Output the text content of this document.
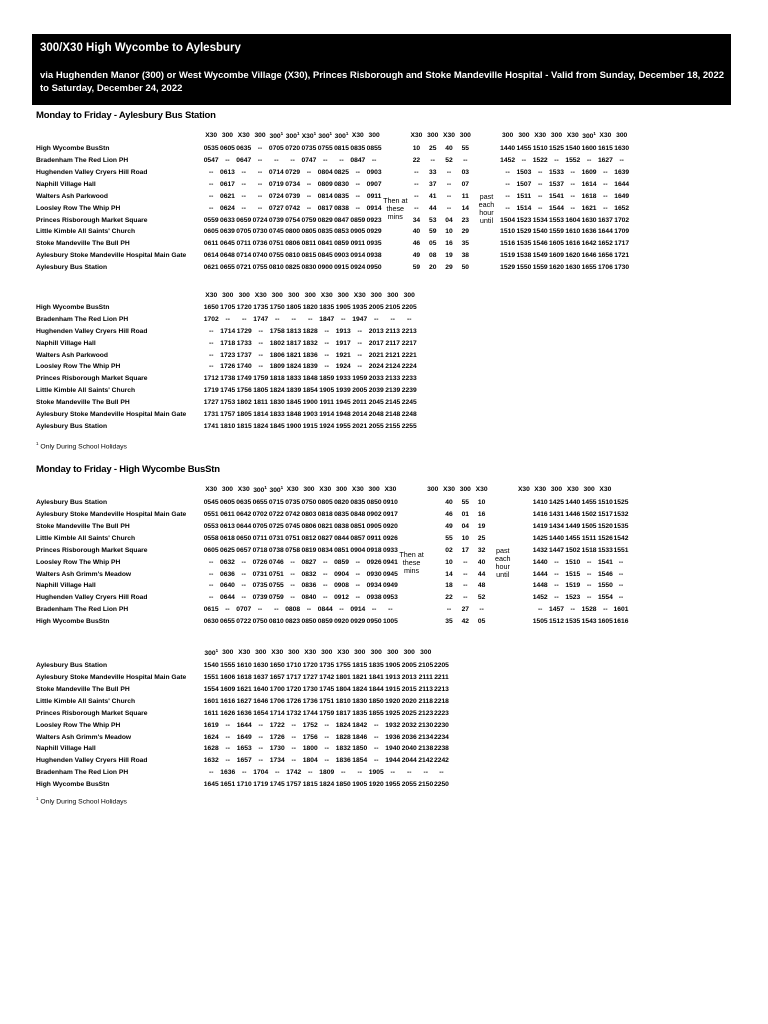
300/X30 High Wycombe to Aylesbury
via Hughenden Manor (300) or West Wycombe Village (X30), Princes Risborough and Stoke Mandeville Hospital - Valid from Sunday, December 18, 2022 to Saturday, December 24, 2022
Monday to Friday - Aylesbury Bus Station
	X30	300	X30	300	$300^1$	$300^1$	$X30^1$	$300^1$	$300^1$	X30	300		X30	300	X30	300		300	300	X30	300	X30	$300^1$	X30	300
High Wycombe BusStn	0535	0605	0635	--	0705	0720	0735	0755	0815	0835	0855		10	25	40	55		1440	1455	1510	1525	1540	1600	1615	1630
Bradenham The Red Lion PH	0547	--	0647	--	--	--	0747	--	--	0847	--		22	--	52	--		1452	--	1522	--	1552	--	1627	--
Hughenden Valley Cryers Hill Road	--	0613	--	--	0714	0729	--	0804	0825	--	0903		--	33	--	03		--	1503	--	1533	--	1609	--	1639
Naphill Village Hall	--	0617	--	--	0719	0734	--	0809	0830	--	0907		--	37	--	07		--	1507	--	1537	--	1614	--	1644
Walters Ash Parkwood	--	0621	--	--	0724	0739	--	0814	0835	--	0911	Then at these mins	--	41	--	11	past each hour until	--	1511	--	1541	--	1618	--	1649
Loosley Row The Whip PH	--	0624	--	--	0727	0742	--	0817	0838	--	0914		--	44	--	14		--	1514	--	1544	--	1621	--	1652
Princes Risborough Market Square	0559	0633	0659	0724	0739	0754	0759	0829	0847	0859	0923		34	53	04	23		1504	1523	1534	1553	1604	1630	1637	1702
Little Kimble All Saints' Church	0605	0639	0705	0730	0745	0800	0805	0835	0853	0905	0929		40	59	10	29		1510	1529	1540	1559	1610	1636	1644	1709
Stoke Mandeville The Bull PH	0611	0645	0711	0736	0751	0806	0811	0841	0859	0911	0935		46	05	16	35		1516	1535	1546	1605	1616	1642	1652	1717
Aylesbury Stoke Mandeville Hospital Main Gate	0614	0648	0714	0740	0755	0810	0815	0845	0903	0914	0938		49	08	19	38		1519	1538	1549	1609	1620	1646	1656	1721
Aylesbury Bus Station	0621	0655	0721	0755	0810	0825	0830	0900	0915	0924	0950		59	20	29	50		1529	1550	1559	1620	1630	1655	1706	1730
	X30	300	300	X30	300	300	300	X30	300	X30	300	300	300
High Wycombe BusStn	1650	1705	1720	1735	1750	1805	1820	1835	1905	1935	2005	2105	2205
Bradenham The Red Lion PH	1702	--	--	1747	--	--	--	1847	--	1947	--	--	--
Hughenden Valley Cryers Hill Road	--	1714	1729	--	1758	1813	1828	--	1913	--	2013	2113	2213
Naphill Village Hall	--	1718	1733	--	1802	1817	1832	--	1917	--	2017	2117	2217
Walters Ash Parkwood	--	1723	1737	--	1806	1821	1836	--	1921	--	2021	2121	2221
Loosley Row The Whip PH	--	1726	1740	--	1809	1824	1839	--	1924	--	2024	2124	2224
Princes Risborough Market Square	1712	1738	1749	1759	1818	1833	1848	1859	1933	1959	2033	2133	2233
Little Kimble All Saints' Church	1719	1745	1756	1805	1824	1839	1854	1905	1939	2005	2039	2139	2239
Stoke Mandeville The Bull PH	1727	1753	1802	1811	1830	1845	1900	1911	1945	2011	2045	2145	2245
Aylesbury Stoke Mandeville Hospital Main Gate	1731	1757	1805	1814	1833	1848	1903	1914	1948	2014	2048	2148	2248
Aylesbury Bus Station	1741	1810	1815	1824	1845	1900	1915	1924	1955	2021	2055	2155	2255
$^1$ Only During School Holidays
Monday to Friday - High Wycombe BusStn
	X30	300	X30	$300^1$	$300^1$	X30	300	X30	300	X30	300	X30		300	X30	300	X30		X30	X30	300	X30	300	X30	
Aylesbury Bus Station	0545	0605	0635	0655	0715	0735	0750	0805	0820	0835	0850	0910			40	55	10			1410	1425	1440	1455	1510	1525
Aylesbury Stoke Mandeville Hospital Main Gate	0551	0611	0642	0702	0722	0742	0803	0818	0835	0848	0902	0917			46	01	16			1416	1431	1446	1502	1517	1532
Stoke Mandeville The Bull PH	0553	0613	0644	0705	0725	0745	0806	0821	0838	0851	0905	0920			49	04	19			1419	1434	1449	1505	1520	1535
Little Kimble All Saints' Church	0558	0618	0650	0711	0731	0751	0812	0827	0844	0857	0911	0926			55	10	25			1425	1440	1455	1511	1526	1542
Princes Risborough Market Square	0605	0625	0657	0718	0738	0758	0819	0834	0851	0904	0918	0933	Then at these mins		02	17	32	past each hour until		1432	1447	1502	1518	1533	1551
Loosley Row The Whip PH	--	0632	--	0726	0746	--	0827	--	0859	--	0926	0941			10	--	40			1440	--	1510	--	1541	--
Walters Ash Grimm's Meadow	--	0636	--	0731	0751	--	0832	--	0904	--	0930	0945			14	--	44			1444	--	1515	--	1546	--
Naphill Village Hall	--	0640	--	0735	0755	--	0836	--	0908	--	0934	0949			18	--	48			1448	--	1519	--	1550	--
Hughenden Valley Cryers Hill Road	--	0644	--	0739	0759	--	0840	--	0912	--	0938	0953			22	--	52			1452	--	1523	--	1554	--
Bradenham The Red Lion PH	0615	--	0707	--	--	0808	--	0844	--	0914	--	--			--	27	--			--	1457	--	1528	--	1601
High Wycombe BusStn	0630	0655	0722	0750	0810	0823	0850	0859	0920	0929	0950	1005			35	42	05			1505	1512	1535	1543	1605	1616
	$300^1$	300	X30	300	X30	300	X30	300	X30	300	300	300	300	300	
Aylesbury Bus Station	1540	1555	1610	1630	1650	1710	1720	1735	1755	1815	1835	1905	2005	2105	2205
Aylesbury Stoke Mandeville Hospital Main Gate	1551	1606	1618	1637	1657	1717	1727	1742	1801	1821	1841	1913	2013	2111	2211
Stoke Mandeville The Bull PH	1554	1609	1621	1640	1700	1720	1730	1745	1804	1824	1844	1915	2015	2113	2213
Little Kimble All Saints' Church	1601	1616	1627	1646	1706	1726	1736	1751	1810	1830	1850	1920	2020	2118	2218
Princes Risborough Market Square	1611	1626	1636	1654	1714	1732	1744	1759	1817	1835	1855	1925	2025	2123	2223
Loosley Row The Whip PH	1619	--	1644	--	1722	--	1752	--	1824	1842	--	1932	2032	2130	2230
Walters Ash Grimm's Meadow	1624	--	1649	--	1726	--	1756	--	1828	1846	--	1936	2036	2134	2234
Naphill Village Hall	1628	--	1653	--	1730	--	1800	--	1832	1850	--	1940	2040	2138	2238
Hughenden Valley Cryers Hill Road	1632	--	1657	--	1734	--	1804	--	1836	1854	--	1944	2044	2142	2242
Bradenham The Red Lion PH	--	1636	--	1704	--	1742	--	1809	--	--	1905	--	--	--	--
High Wycombe BusStn	1645	1651	1710	1719	1745	1757	1815	1824	1850	1905	1920	1955	2055	2150	2250
$^1$ Only During School Holidays
